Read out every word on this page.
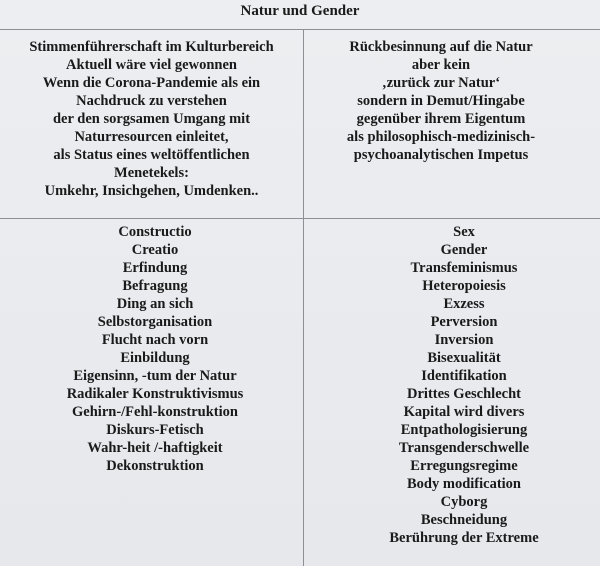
Natur und Gender
Stimmenführerschaft im Kulturbereich
Aktuell wäre viel gewonnen
Wenn die Corona-Pandemie als ein
Nachdruck zu verstehen
der den sorgsamen Umgang mit
Naturresourcen einleitet,
als Status eines weltöffentlichen
Menetekels:
Umkehr, Insichgehen, Umdenken..
Rückbesinnung auf die Natur
aber kein
‚zurück zur Natur‘
sondern in Demut/Hingabe
gegenüber ihrem Eigentum
als philosophisch-medizinisch-
psychoanalytischen Impetus
Constructio
Creatio
Erfindung
Befragung
Ding an sich
Selbstorganisation
Flucht nach vorn
Einbildung
Eigensinn, -tum der Natur
Radikaler Konstruktivismus
Gehirn-/Fehl-konstruktion
Diskurs-Fetisch
Wahr-heit /-haftigkeit
Dekonstruktion
Sex
Gender
Transfeminismus
Heteropoiesis
Exzess
Perversion
Inversion
Bisexualität
Identifikation
Drittes Geschlecht
Kapital wird divers
Entpathologisierung
Transgenderschwelle
Erregungsregime
Body modification
Cyborg
Beschneidung
Berührung der Extreme
